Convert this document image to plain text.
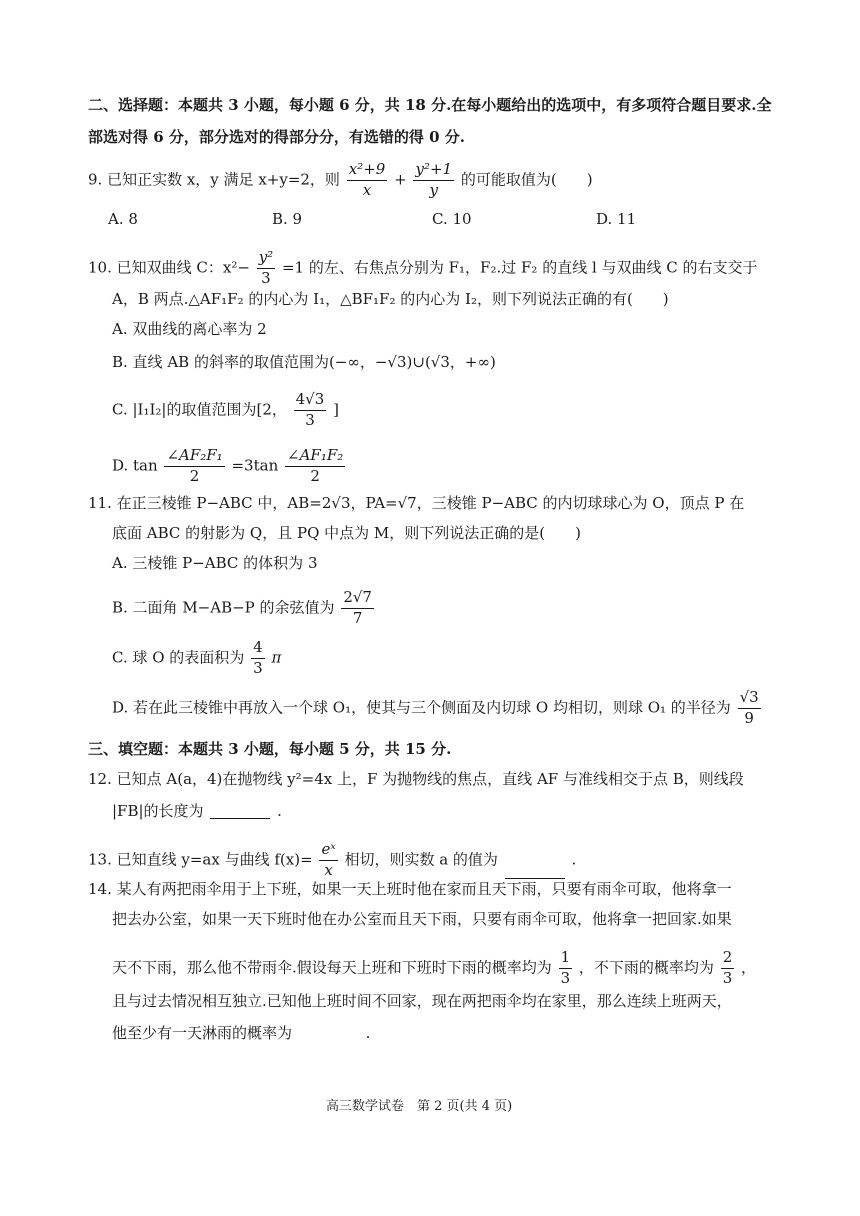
二、选择题：本题共 3 小题，每小题 6 分，共 18 分.在每小题给出的选项中，有多项符合题目要求.全
部选对得 6 分，部分选对的得部分分，有选错的得 0 分.
9. 已知正实数 x，y 满足 x+y=2，则 $\frac{\text{x²+9}}{x} + \frac{\text{y²+1}}{y}$ 的可能取值为(　　)
A. 8	B. 9	C. 10	D. 11
10. 已知双曲线 C：$x^2- \frac{\text{y²}}{3} =1$ 的左、右焦点分别为 F₁，F₂.过 F₂ 的直线 l 与双曲线 C 的右支交于
A，B 两点.△AF₁F₂ 的内心为 I₁，△BF₁F₂ 的内心为 I₂，则下列说法正确的有(　　)
A. 双曲线的离心率为 2
B. 直线 AB 的斜率的取值范围为(−∞，−√3)∪(√3，+∞)
C. |I₁I₂|的取值范围为[2， $\frac{4√3}{3}$ ]
D. $\tan \frac{\text{∠AF₂F₁}}{2} =3\tan \frac{\text{∠AF₁F₂}}{2}$
11. 在正三棱锥 P−ABC 中，AB=2√3，PA=√7，三棱锥 P−ABC 的内切球球心为 O，顶点 P 在
底面 ABC 的射影为 Q，且 PQ 中点为 M，则下列说法正确的是(　　)
A. 三棱锥 P−ABC 的体积为 3
B. 二面角 M−AB−P 的余弦值为 $\frac{2√7}{7}$
C. 球 O 的表面积为 $\frac{4}{3}$ π
D. 若在此三棱锥中再放入一个球 O₁，使其与三个侧面及内切球 O 均相切，则球 O₁ 的半径为 $\frac{√3}{9}$
三、填空题：本题共 3 小题，每小题 5 分，共 15 分.
12. 已知点 A(a，4)在抛物线 y²=4x 上，F 为抛物线的焦点，直线 AF 与准线相交于点 B，则线段
|FB|的长度为	.
13. 已知直线 y=ax 与曲线 $f(x)= \frac{\text{eˣ}}{x}$ 相切，则实数 a 的值为	.
14. 某人有两把雨伞用于上下班，如果一天上班时他在家而且天下雨，只要有雨伞可取，他将拿一
把去办公室，如果一天下班时他在办公室而且天下雨，只要有雨伞可取，他将拿一把回家.如果
天不下雨，那么他不带雨伞.假设每天上班和下班时下雨的概率均为 $\frac{1}{3}$ ，不下雨的概率均为 $\frac{2}{3}$ ，
且与过去情况相互独立.已知他上班时间不回家，现在两把雨伞均在家里，那么连续上班两天，
他至少有一天淋雨的概率为	.
高三数学试卷　第 2 页(共 4 页)
